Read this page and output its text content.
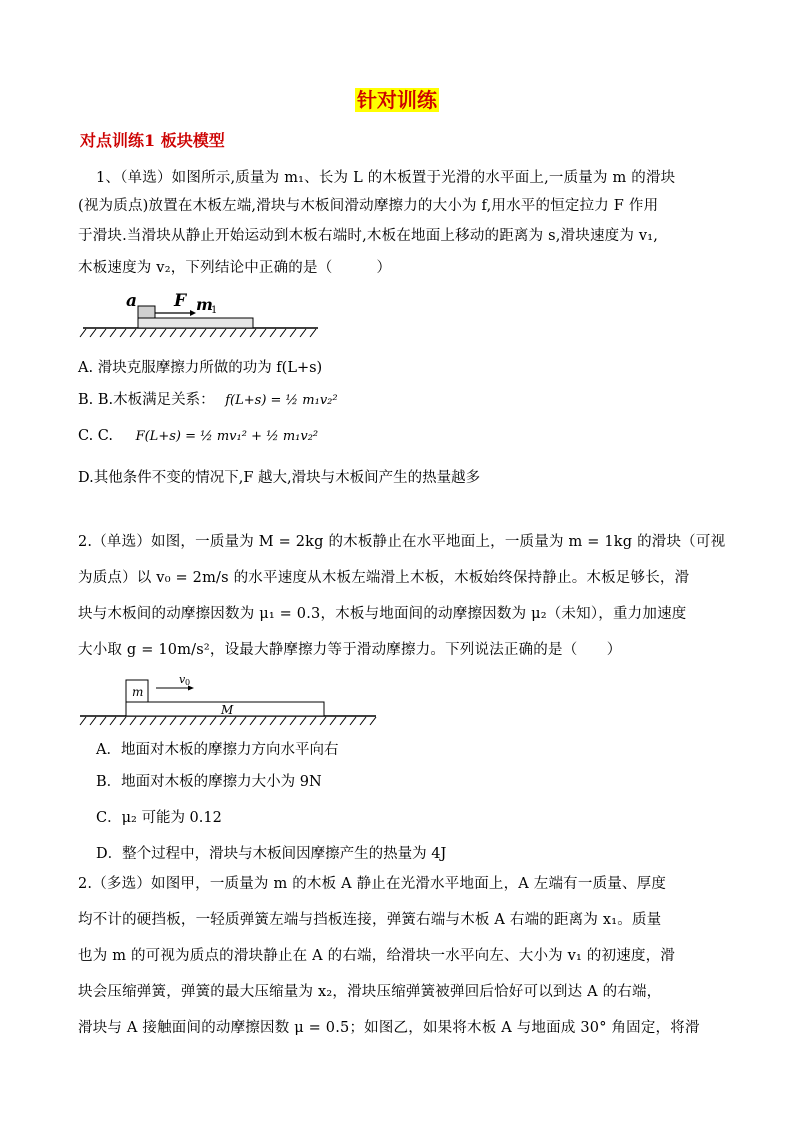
针对训练
对点训练1 板块模型
1、（单选）如图所示,质量为 m₁、长为 L 的木板置于光滑的水平面上,一质量为 m 的滑块
(视为质点)放置在木板左端,滑块与木板间滑动摩擦力的大小为 f,用水平的恒定拉力 F 作用
于滑块.当滑块从静止开始运动到木板右端时,木板在地面上移动的距离为 s,滑块速度为 v₁,
木板速度为 v₂，下列结论中正确的是（　　　）
a F m
1
A. 滑块克服摩擦力所做的功为 f(L+s)
B. B.木板满足关系： f(L+s) = ½ m₁v₂²
C. C. F(L+s) = ½ mv₁² + ½ m₁v₂²
D.其他条件不变的情况下,F 越大,滑块与木板间产生的热量越多
2.（单选）如图，一质量为 M = 2kg 的木板静止在水平地面上，一质量为 m = 1kg 的滑块（可视
为质点）以 v₀ = 2m/s 的水平速度从木板左端滑上木板，木板始终保持静止。木板足够长，滑
块与木板间的动摩擦因数为 μ₁ = 0.3，木板与地面间的动摩擦因数为 μ₂（未知），重力加速度
大小取 g = 10m/s²，设最大静摩擦力等于滑动摩擦力。下列说法正确的是（　　）
m
v 0
M
A．地面对木板的摩擦力方向水平向右
B．地面对木板的摩擦力大小为 9N
C．μ₂ 可能为 0.12
D．整个过程中，滑块与木板间因摩擦产生的热量为 4J
2.（多选）如图甲，一质量为 m 的木板 A 静止在光滑水平地面上，A 左端有一质量、厚度
均不计的硬挡板，一轻质弹簧左端与挡板连接，弹簧右端与木板 A 右端的距离为 x₁。质量
也为 m 的可视为质点的滑块静止在 A 的右端，给滑块一水平向左、大小为 v₁ 的初速度，滑
块会压缩弹簧，弹簧的最大压缩量为 x₂，滑块压缩弹簧被弹回后恰好可以到达 A 的右端，
滑块与 A 接触面间的动摩擦因数 μ = 0.5；如图乙，如果将木板 A 与地面成 30° 角固定，将滑
